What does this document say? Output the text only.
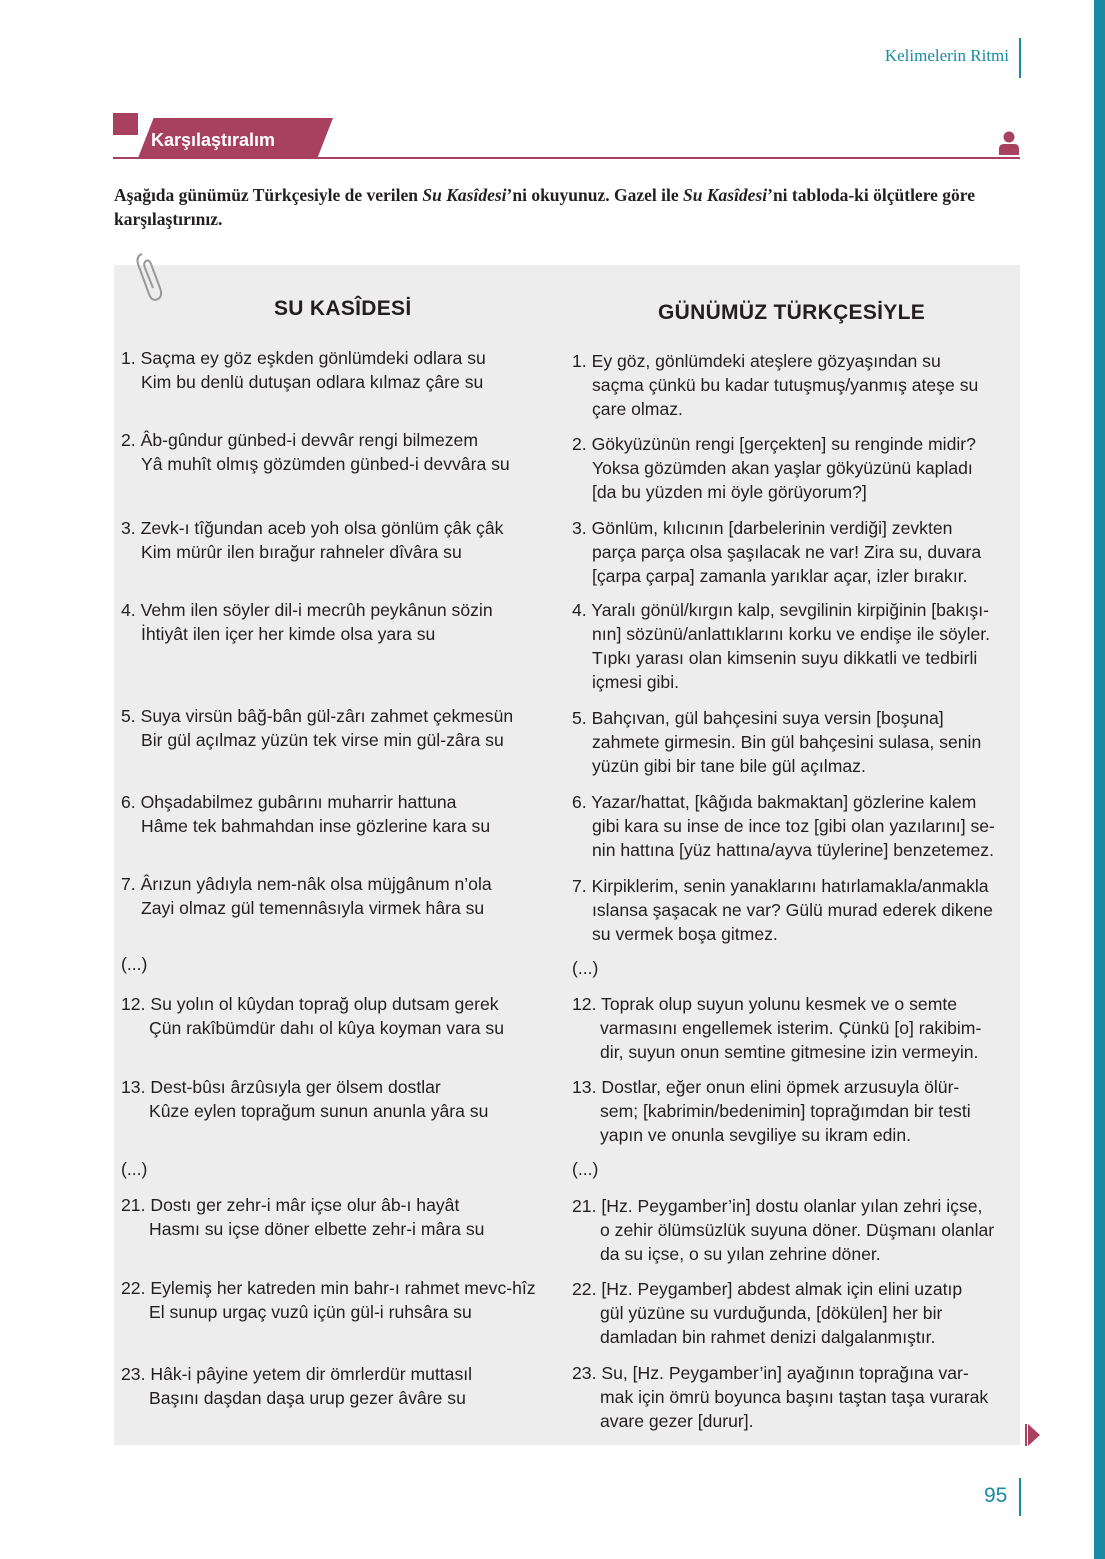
Kelimelerin Ritmi
Karşılaştıralım
Aşağıda günümüz Türkçesiyle de verilen Su Kasîdesi’ni okuyunuz. Gazel ile Su Kasîdesi’ni tabloda-ki ölçütlere göre karşılaştırınız.
SU KASÎDESİ	GÜNÜMÜZ TÜRKÇESİYLE
1. Saçma ey göz eşkden gönlümdeki odlara su
Kim bu denlü dutuşan odlara kılmaz çâre su
2. Âb-gûndur günbed-i devvâr rengi bilmezem
Yâ muhît olmış gözümden günbed-i devvâra su
3. Zevk-ı tîğundan aceb yoh olsa gönlüm çâk çâk
Kim mürûr ilen bırağur rahneler dîvâra su
4. Vehm ilen söyler dil-i mecrûh peykânun sözin
İhtiyât ilen içer her kimde olsa yara su
5. Suya virsün bâğ-bân gül-zârı zahmet çekmesün
Bir gül açılmaz yüzün tek virse min gül-zâra su
6. Ohşadabilmez gubârını muharrir hattuna
Hâme tek bahmahdan inse gözlerine kara su
7. Ârızun yâdıyla nem-nâk olsa müjgânum n’ola
Zayi olmaz gül temennâsıyla virmek hâra su
(...)
12. Su yolın ol kûydan toprağ olup dutsam gerek
Çün rakîbümdür dahı ol kûya koyman vara su
13. Dest-bûsı ârzûsıyla ger ölsem dostlar
Kûze eylen toprağum sunun anunla yâra su
(...)
21. Dostı ger zehr-i mâr içse olur âb-ı hayât
Hasmı su içse döner elbette zehr-i mâra su
22. Eylemiş her katreden min bahr-ı rahmet mevc-hîz
El sunup urgaç vuzû içün gül-i ruhsâra su
23. Hâk-i pâyine yetem dir ömrlerdür muttasıl
Başını daşdan daşa urup gezer âvâre su
1. Ey göz, gönlümdeki ateşlere gözyaşından su
saçma çünkü bu kadar tutuşmuş/yanmış ateşe su
çare olmaz.
2. Gökyüzünün rengi [gerçekten] su renginde midir?
Yoksa gözümden akan yaşlar gökyüzünü kapladı
[da bu yüzden mi öyle görüyorum?]
3. Gönlüm, kılıcının [darbelerinin verdiği] zevkten
parça parça olsa şaşılacak ne var! Zira su, duvara
[çarpa çarpa] zamanla yarıklar açar, izler bırakır.
4. Yaralı gönül/kırgın kalp, sevgilinin kirpiğinin [bakışı-
nın] sözünü/anlattıklarını korku ve endişe ile söyler.
Tıpkı yarası olan kimsenin suyu dikkatli ve tedbirli
içmesi gibi.
5. Bahçıvan, gül bahçesini suya versin [boşuna]
zahmete girmesin. Bin gül bahçesini sulasa, senin
yüzün gibi bir tane bile gül açılmaz.
6. Yazar/hattat, [kâğıda bakmaktan] gözlerine kalem
gibi kara su inse de ince toz [gibi olan yazılarını] se-
nin hattına [yüz hattına/ayva tüylerine] benzetemez.
7. Kirpiklerim, senin yanaklarını hatırlamakla/anmakla
ıslansa şaşacak ne var? Gülü murad ederek dikene
su vermek boşa gitmez.
(...)
12. Toprak olup suyun yolunu kesmek ve o semte
varmasını engellemek isterim. Çünkü [o] rakibim-
dir, suyun onun semtine gitmesine izin vermeyin.
13. Dostlar, eğer onun elini öpmek arzusuyla ölür-
sem; [kabrimin/bedenimin] toprağımdan bir testi
yapın ve onunla sevgiliye su ikram edin.
(...)
21. [Hz. Peygamber’in] dostu olanlar yılan zehri içse,
o zehir ölümsüzlük suyuna döner. Düşmanı olanlar
da su içse, o su yılan zehrine döner.
22. [Hz. Peygamber] abdest almak için elini uzatıp
gül yüzüne su vurduğunda, [dökülen] her bir
damladan bin rahmet denizi dalgalanmıştır.
23. Su, [Hz. Peygamber’in] ayağının toprağına var-
mak için ömrü boyunca başını taştan taşa vurarak
avare gezer [durur].
95
